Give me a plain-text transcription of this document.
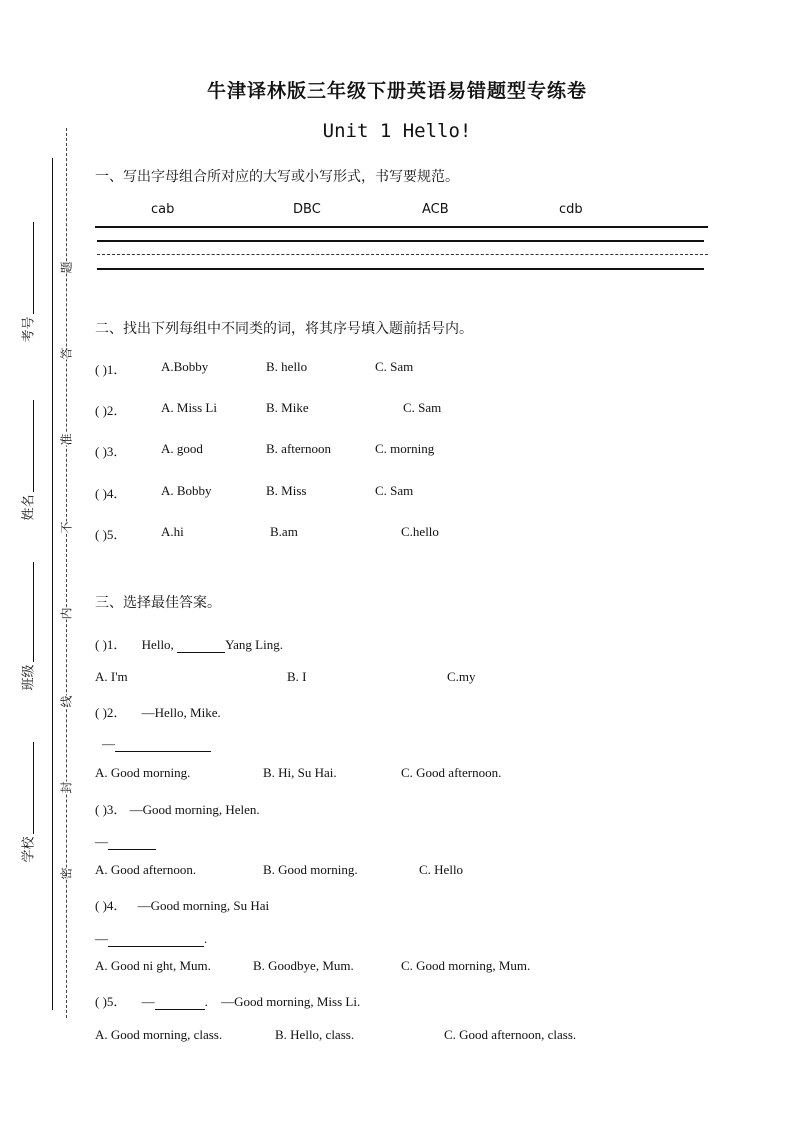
考号
姓名
班级
学校
题
答
准
不
内
线
封
密
牛津译林版三年级下册英语易错题型专练卷
Unit 1 Hello!
一、写出字母组合所对应的大写或小写形式，书写要规范。
cab	DBC	ACB	cdb
二、找出下列每组中不同类的词，将其序号填入题前括号内。
( )1．	A.Bobby	B. hello	C. Sam
( )2．	A. Miss Li	B. Mike	C. Sam
( )3．	A. good	B. afternoon	C. morning
( )4．	A. Bobby	B. Miss	C. Sam
( )5．	A.hi	B.am	C.hello
三、选择最佳答案。
( )1． Hello,	Yang Ling.
A. I'm	B. I	C.my
( )2． —Hello, Mike.
—
A. Good morning.	B. Hi, Su Hai.	C. Good afternoon.
( )3． —Good morning, Helen.
—
A. Good afternoon.	B. Good morning.	C. Hello
( )4． —Good morning, Su Hai
—	.
A. Good ni ght, Mum.	B. Goodbye, Mum.	C. Good morning, Mum.
( )5． —	. —Good morning, Miss Li.
A. Good morning, class.	B. Hello, class.	C. Good afternoon, class.
